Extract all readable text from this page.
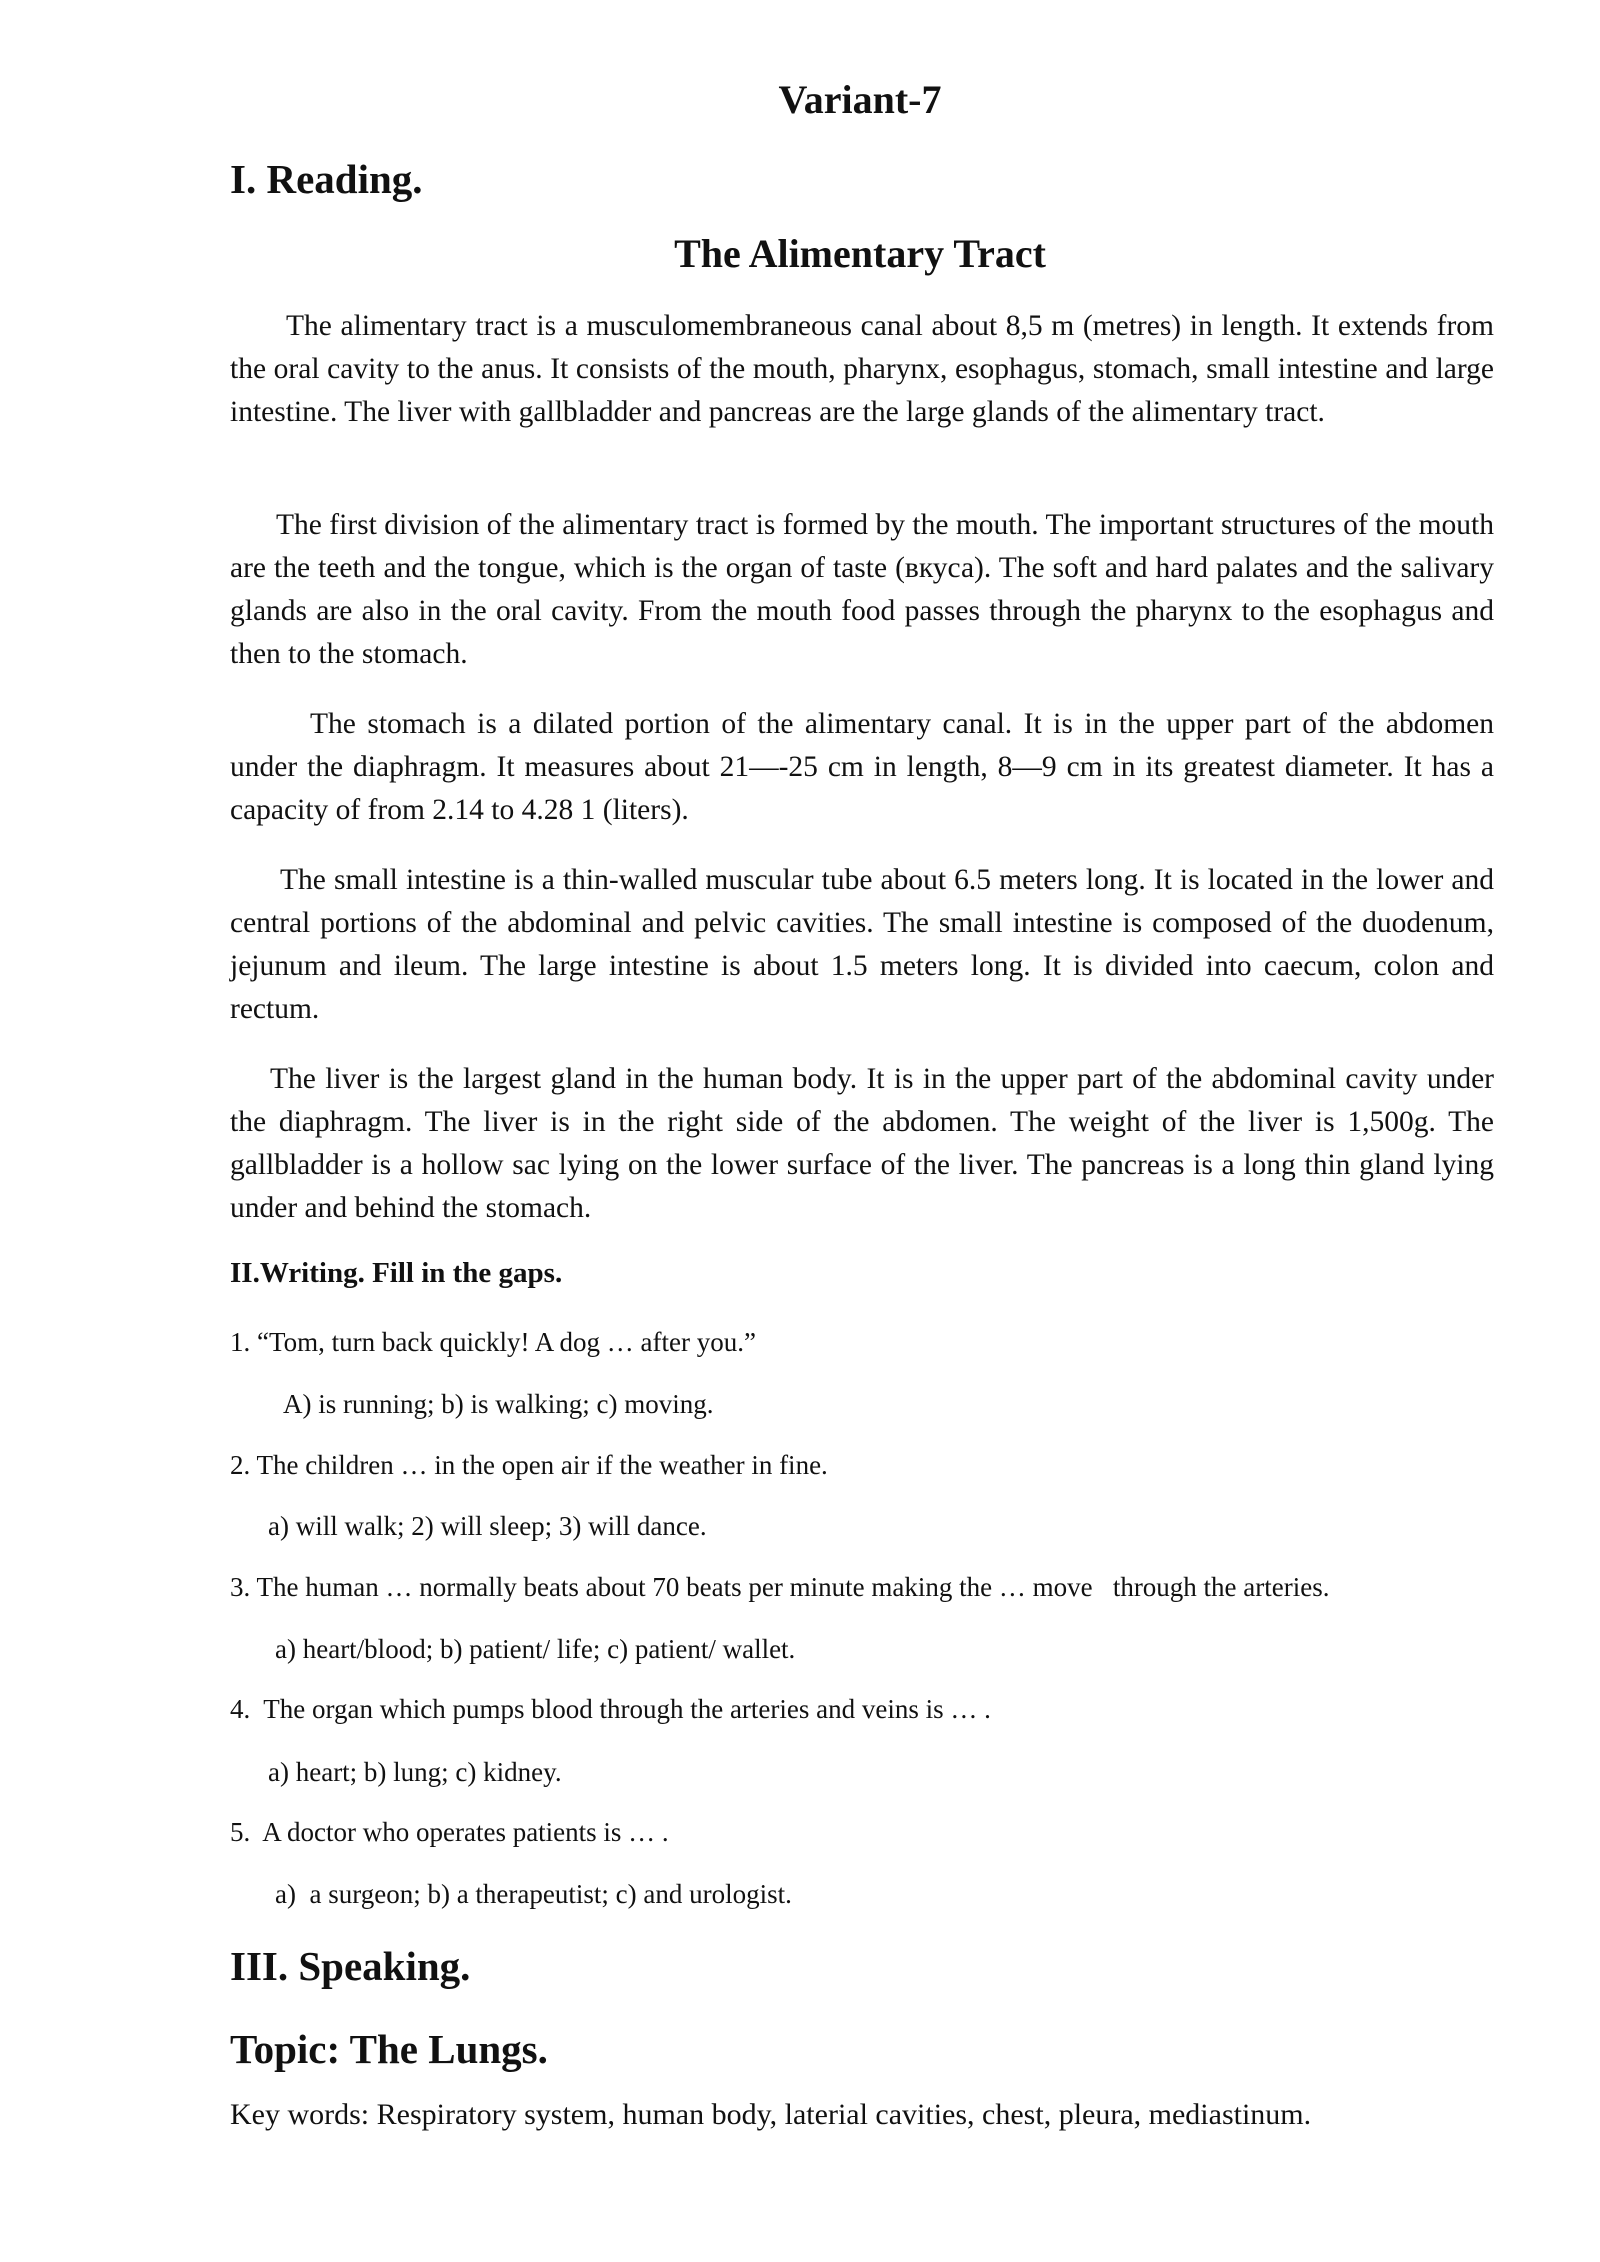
Variant-7
I. Reading.
The Alimentary Tract

The alimentary tract is a musculomembraneous canal about 8,5 m (metres) in length. It extends from the oral cavity to the anus. It consists of the mouth, pharynx, esophagus, stomach, small intestine and large intestine. The liver with gallbladder and pancreas are the large glands of the alimentary tract.

The first division of the alimentary tract is formed by the mouth. The important structures of the mouth are the teeth and the tongue, which is the organ of taste (вкуса). The soft and hard palates and the salivary glands are also in the oral cavity. From the mouth food passes through the pharynx to the esophagus and then to the stomach.

The stomach is a dilated portion of the alimentary canal. It is in the upper part of the abdomen under the diaphragm. It measures about 21—-25 cm in length, 8—9 cm in its greatest diameter. It has a capacity of from 2.14 to 4.28 1 (liters).

The small intestine is a thin-walled muscular tube about 6.5 meters long. It is located in the lower and central portions of the abdominal and pelvic cavities. The small intestine is composed of the duodenum, jejunum and ileum. The large intestine is about 1.5 meters long. It is divided into caecum, colon and rectum.

The liver is the largest gland in the human body. It is in the upper part of the abdominal cavity under the diaphragm. The liver is in the right side of the abdomen. The weight of the liver is 1,500g. The gallbladder is a hollow sac lying on the lower surface of the liver. The pancreas is a long thin gland lying under and behind the stomach.

II.Writing. Fill in the gaps.

1. “Tom, turn back quickly! A dog … after you.”

A) is running; b) is walking; c) moving.

2. The children … in the open air if the weather in fine.

a) will walk; 2) will sleep; 3) will dance.

3. The human … normally beats about 70 beats per minute making the … move   through the arteries.

a) heart/blood; b) patient/ life; c) patient/ wallet.

4.  The organ which pumps blood through the arteries and veins is … .

a) heart; b) lung; c) kidney.

5.  A doctor who operates patients is … .

a)  a surgeon; b) a therapeutist; c) and urologist.

III. Speaking.
Topic: The Lungs.

Key words: Respiratory system, human body, laterial cavities, chest, pleura, mediastinum.
